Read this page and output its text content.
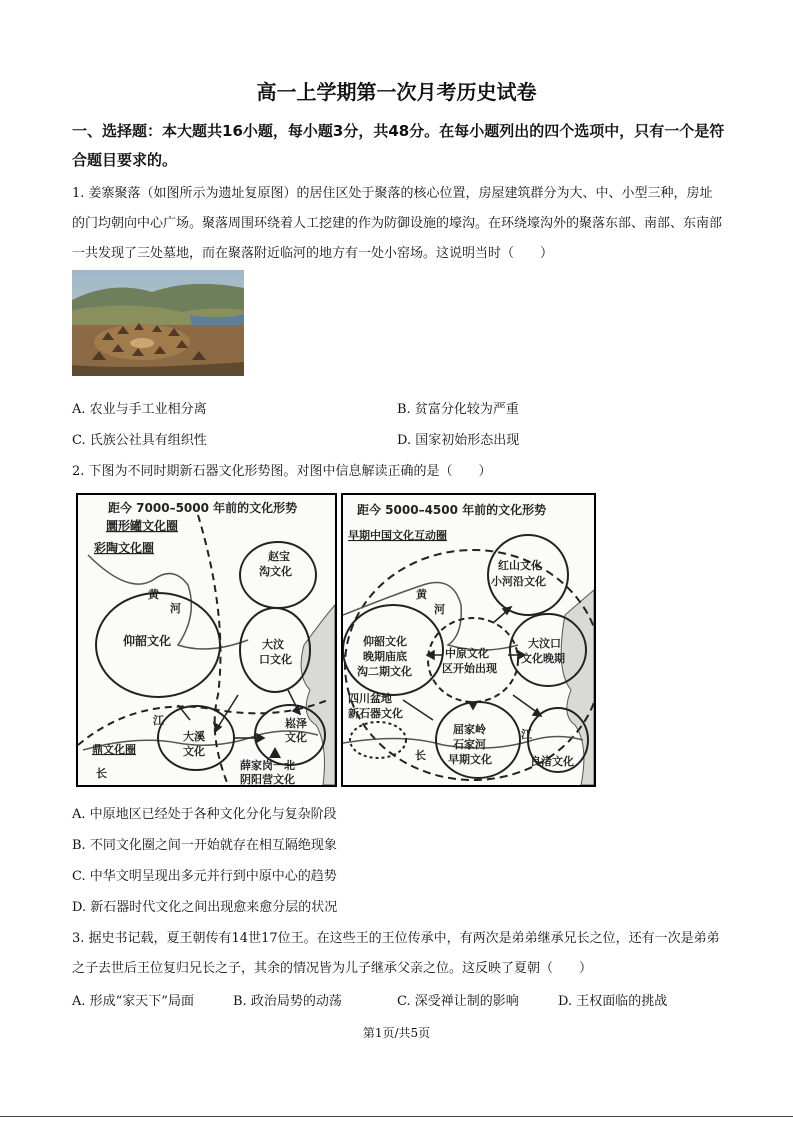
高一上学期第一次月考历史试卷
一、选择题：本大题共16小题，每小题3分，共48分。在每小题列出的四个选项中，只有一个是符合题目要求的。
1. 姜寨聚落（如图所示为遗址复原图）的居住区处于聚落的核心位置，房屋建筑群分为大、中、小型三种，房址的门均朝向中心广场。聚落周围环绕着人工挖建的作为防御设施的壕沟。在环绕壕沟外的聚落东部、南部、东南部一共发现了三处墓地，而在聚落附近临河的地方有一处小窑场。这说明当时（　　）
A. 农业与手工业相分离	B. 贫富分化较为严重
C. 氏族公社具有组织性	D. 国家初始形态出现
2. 下图为不同时期新石器文化形势图。对图中信息解读正确的是（　　）
距今 7000–5000 年前的文化形势
圜形罐文化圈
彩陶文化圈
赵宝
沟文化
黄
河
仰韶文化	大汶
口文化
江
大溪
文化
崧泽
文化
鼎文化圈
长
薛家岗一北
阴阳营文化
距今 5000–4500 年前的文化形势
早期中国文化互动圈
红山文化
小河沿文化
黄
河
仰韶文化
晚期庙底
沟二期文化
中原文化
区开始出现
大汶口
文化晚期
四川盆地
新石器文化
屈家岭
石家河
早期文化
江
长	良渚文化
A. 中原地区已经处于各种文化分化与复杂阶段
B. 不同文化圈之间一开始就存在相互隔绝现象
C. 中华文明呈现出多元并行到中原中心的趋势
D. 新石器时代文化之间出现愈来愈分层的状况
3. 据史书记载，夏王朝传有14世17位王。在这些王的王位传承中，有两次是弟弟继承兄长之位，还有一次是弟弟之子去世后王位复归兄长之子，其余的情况皆为儿子继承父亲之位。这反映了夏朝（　　）
A. 形成“家天下”局面	B. 政治局势的动荡	C. 深受禅让制的影响	D. 王权面临的挑战
第1页/共5页
